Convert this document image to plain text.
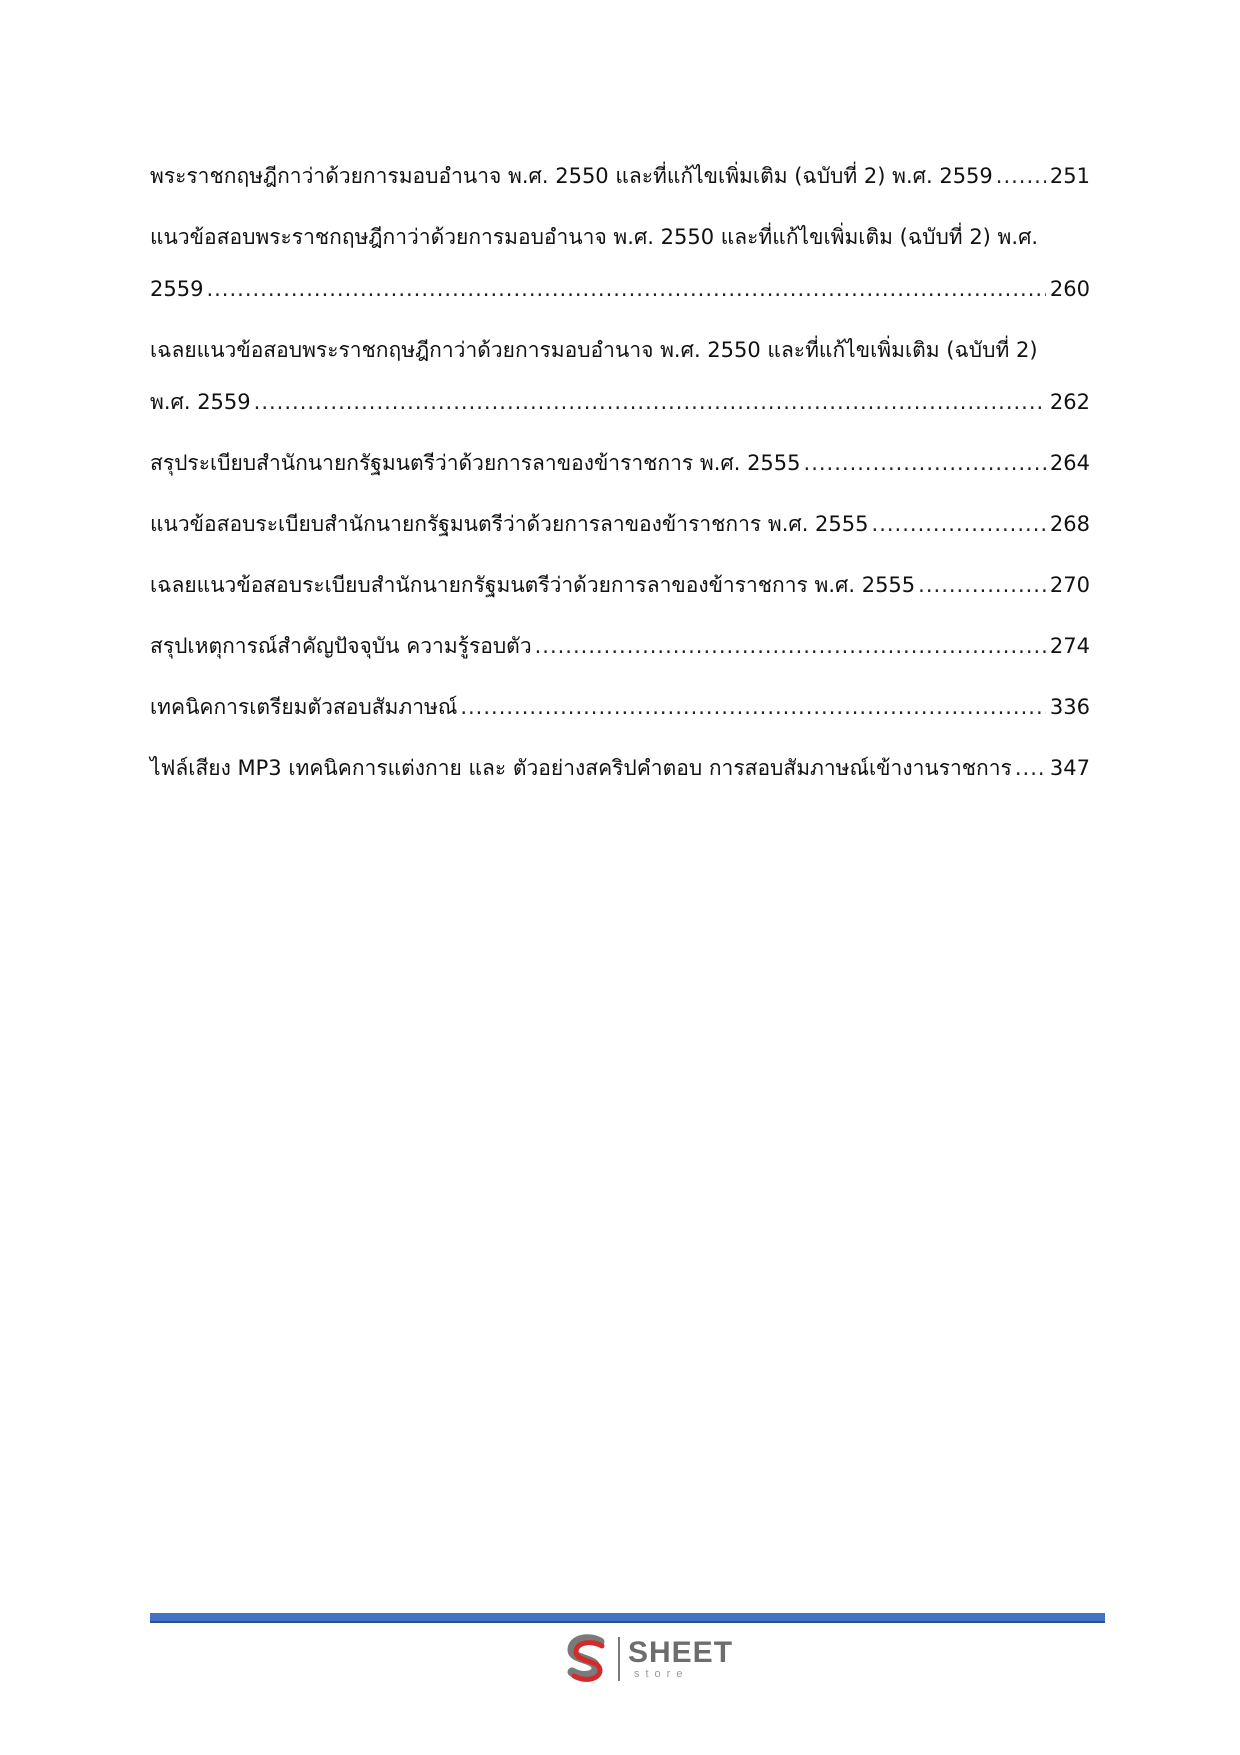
พระราชกฤษฎีกาว่าด้วยการมอบอำนาจ พ.ศ. 2550 และที่แก้ไขเพิ่มเติม (ฉบับที่ 2) พ.ศ. 2559 .....	251
แนวข้อสอบพระราชกฤษฎีกาว่าด้วยการมอบอำนาจ พ.ศ. 2550 และที่แก้ไขเพิ่มเติม (ฉบับที่ 2) พ.ศ.
2559 .....	260
เฉลยแนวข้อสอบพระราชกฤษฎีกาว่าด้วยการมอบอำนาจ พ.ศ. 2550 และที่แก้ไขเพิ่มเติม (ฉบับที่ 2)
พ.ศ. 2559 .....	262
สรุประเบียบสำนักนายกรัฐมนตรีว่าด้วยการลาของข้าราชการ พ.ศ. 2555 .....	264
แนวข้อสอบระเบียบสำนักนายกรัฐมนตรีว่าด้วยการลาของข้าราชการ พ.ศ. 2555 .....	268
เฉลยแนวข้อสอบระเบียบสำนักนายกรัฐมนตรีว่าด้วยการลาของข้าราชการ พ.ศ. 2555 .....	270
สรุปเหตุการณ์สำคัญปัจจุบัน ความรู้รอบตัว .....	274
เทคนิคการเตรียมตัวสอบสัมภาษณ์ .....	336
ไฟล์เสียง MP3 เทคนิคการแต่งกาย และ ตัวอย่างสคริปคำตอบ การสอบสัมภาษณ์เข้างานราชการ ..... 347
SHEET
store
